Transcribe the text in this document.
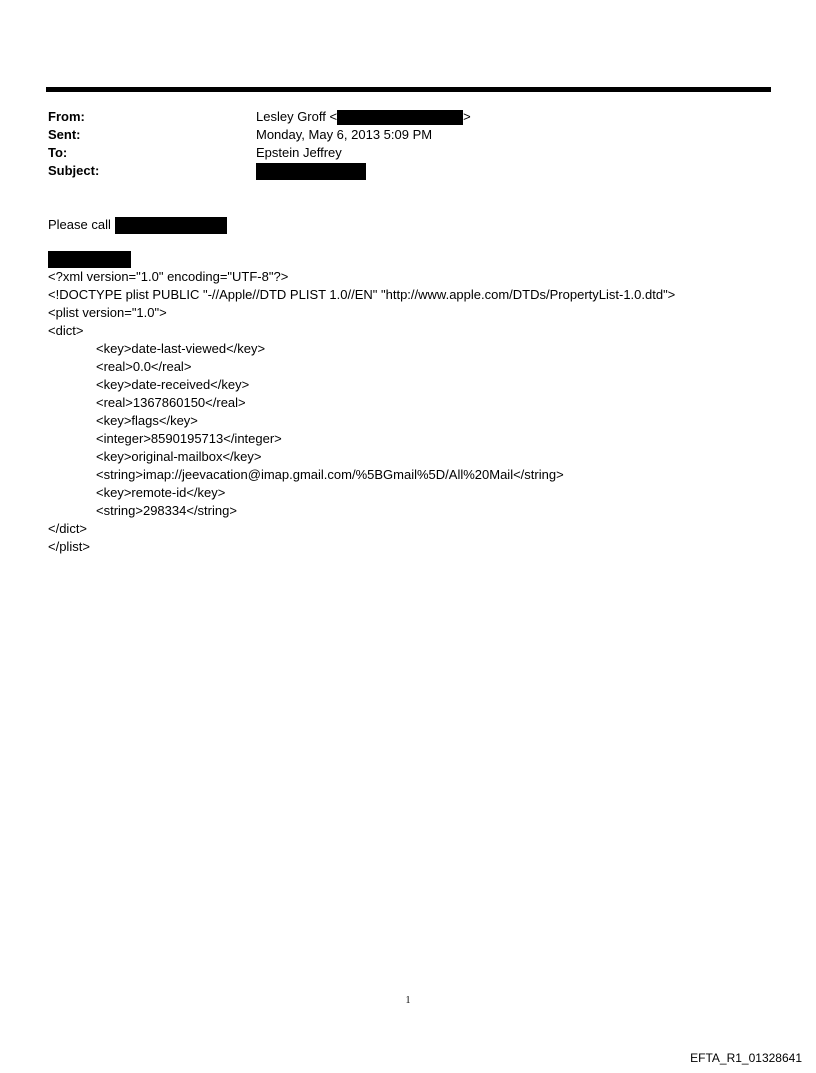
From:	Lesley Groff <	>
Sent:	Monday, May 6, 2013 5:09 PM
To:	Epstein Jeffrey
Subject:
Please call
<?xml version="1.0" encoding="UTF-8"?>
<!DOCTYPE plist PUBLIC "-//Apple//DTD PLIST 1.0//EN" "http://www.apple.com/DTDs/PropertyList-1.0.dtd">
<plist version="1.0">
<dict>
<key>date-last-viewed</key>
<real>0.0</real>
<key>date-received</key>
<real>1367860150</real>
<key>flags</key>
<integer>8590195713</integer>
<key>original-mailbox</key>
<string>imap://jeevacation@imap.gmail.com/%5BGmail%5D/All%20Mail</string>
<key>remote-id</key>
<string>298334</string>
</dict>
</plist>
1
EFTA_R1_01328641
